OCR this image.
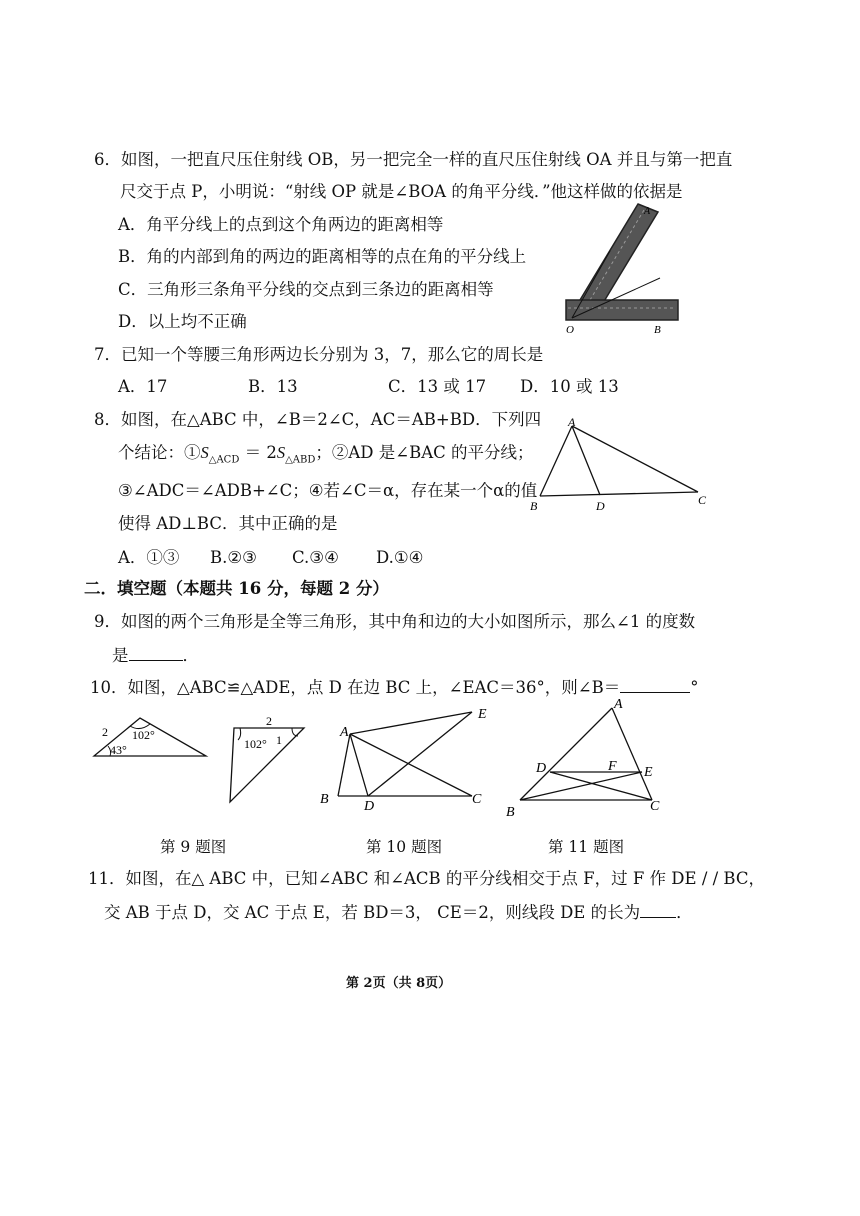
6．如图，一把直尺压住射线 OB，另一把完全一样的直尺压住射线 OA 并且与第一把直
尺交于点 P，小明说：“射线 OP 就是∠BOA 的角平分线．”他这样做的依据是
A．角平分线上的点到这个角两边的距离相等
B．角的内部到角的两边的距离相等的点在角的平分线上
C．三角形三条角平分线的交点到三条边的距离相等
D．以上均不正确
A
O	B
7．已知一个等腰三角形两边长分别为 3，7，那么它的周长是
A．17	B．13	C．13 或 17 D．10 或 13
8．如图，在△ABC 中，∠B＝2∠C，AC＝AB+BD．下列四
个结论：$①S_{\triangle ACD} = 2S_{\triangle ABD}$；②AD 是∠BAC 的平分线；
③∠ADC＝∠ADB+∠C；④若∠C＝α，存在某一个α的值
使得 AD⊥BC．其中正确的是
A．①③ B.②③ C.③④ D.①④
A
B	D	C
二．填空题（本题共 16 分，每题 2 分）
9．如图的两个三角形是全等三角形，其中角和边的大小如图所示，那么∠1 的度数
是	．
10．如图，△ABC≌△ADE，点 D 在边 BC 上，∠EAC＝36°，则∠B＝	°
2 102°
43°
2
102° 1	A
E
B	D	C
A
D	F E
B	C
第 9 题图	第 10 题图	第 11 题图
11．如图，在△ ABC 中，已知∠ABC 和∠ACB 的平分线相交于点 F，过 F 作 DE / / BC，
交 AB 于点 D，交 AC 于点 E，若 BD＝3， CE＝2，则线段 DE 的长为 ．
第 2页（共 8页）
